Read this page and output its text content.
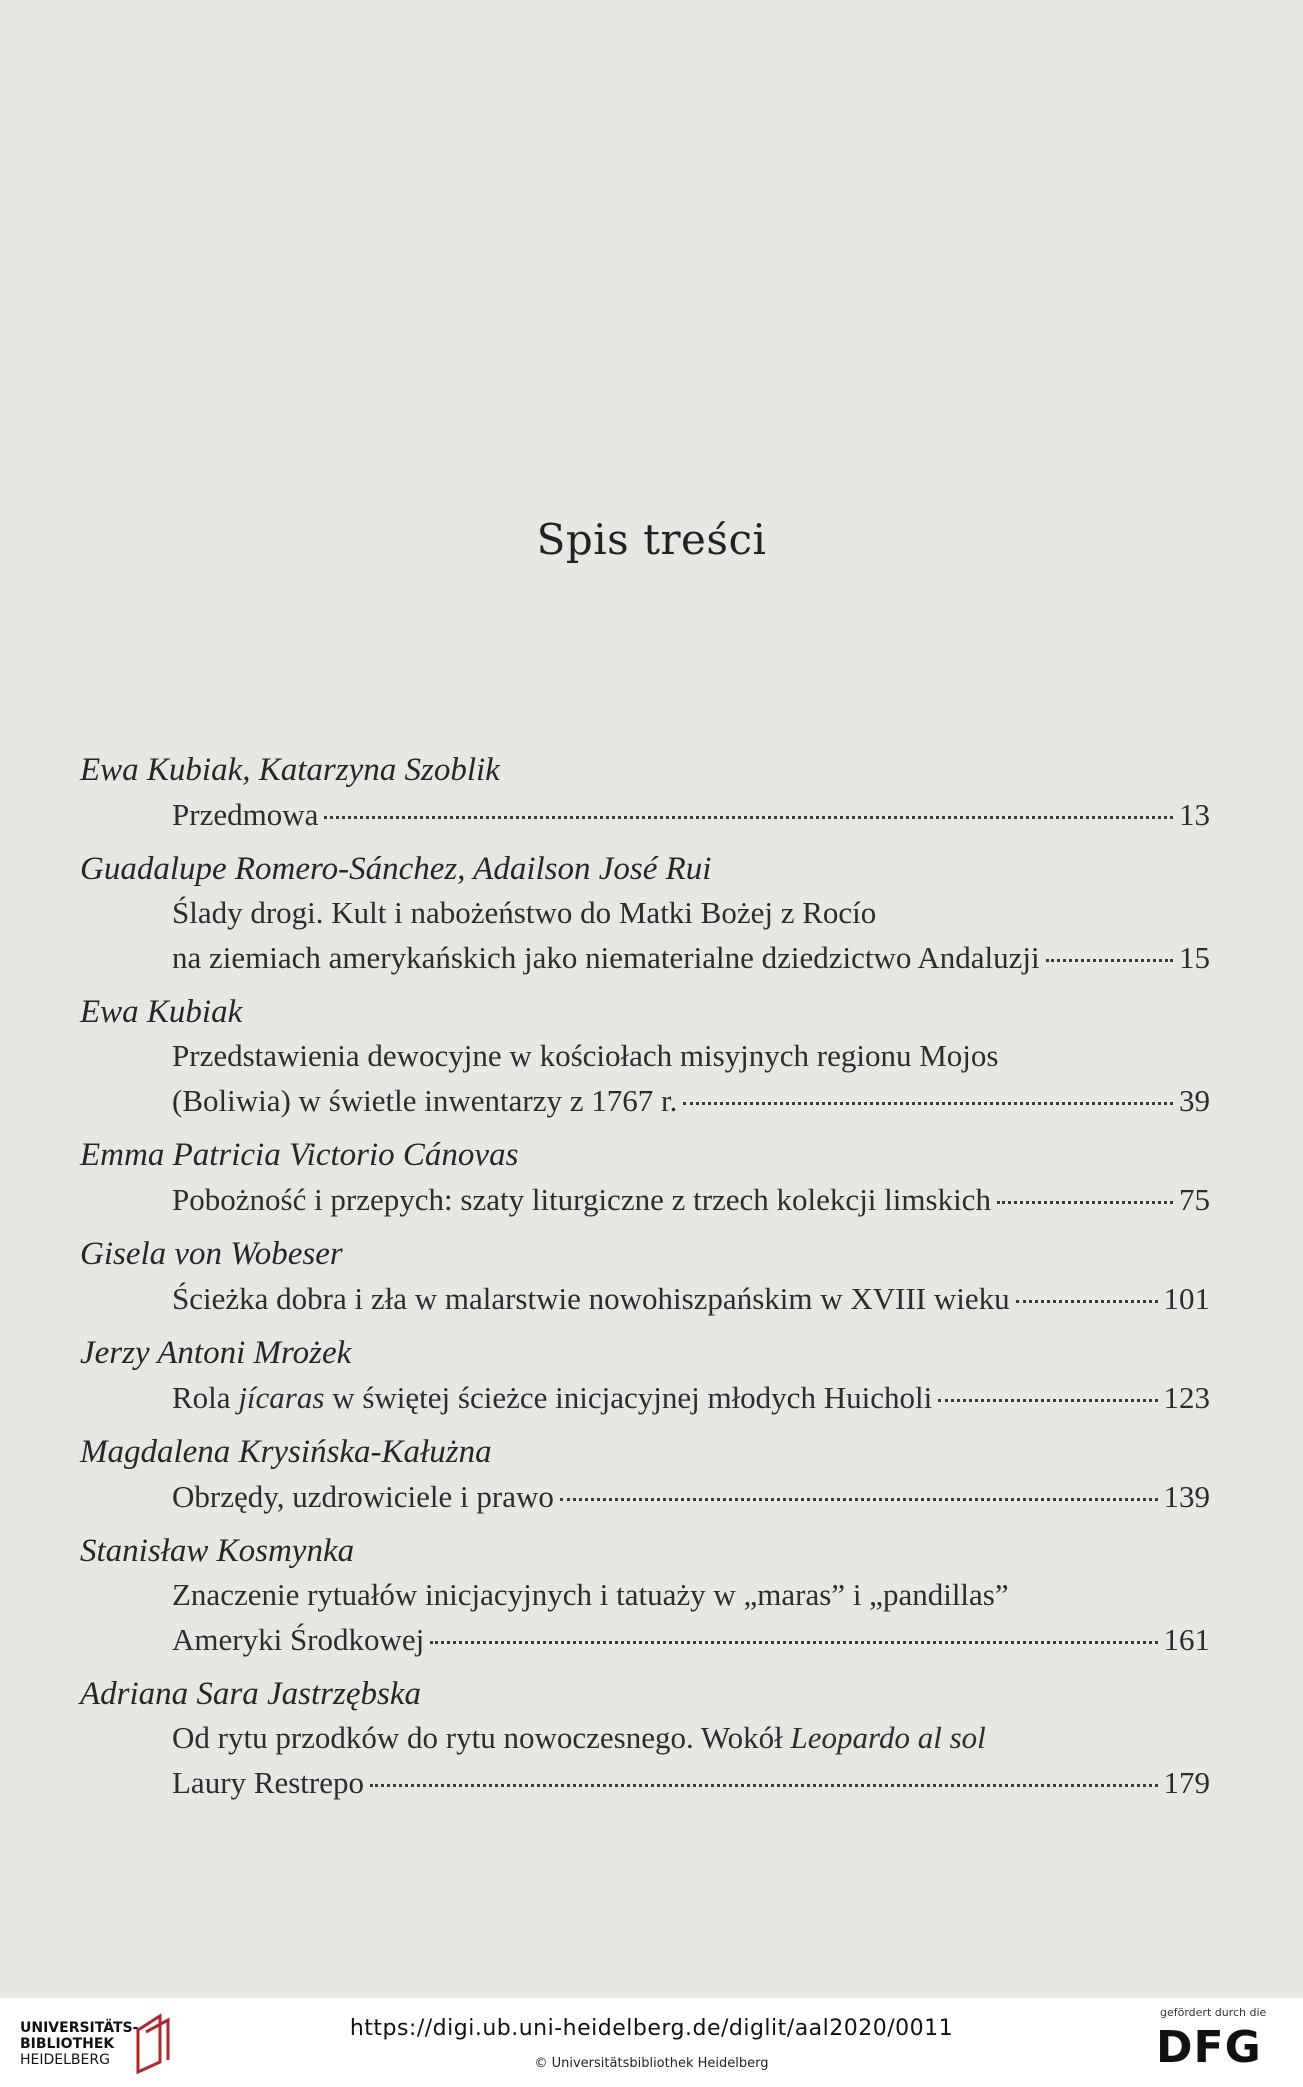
Spis treści
Ewa Kubiak, Katarzyna Szoblik
Przedmowa	13
Guadalupe Romero-Sánchez, Adailson José Rui
Ślady drogi. Kult i nabożeństwo do Matki Bożej z Rocío
na ziemiach amerykańskich jako niematerialne dziedzictwo Andaluzji	15
Ewa Kubiak
Przedstawienia dewocyjne w kościołach misyjnych regionu Mojos
(Boliwia) w świetle inwentarzy z 1767 r.	39
Emma Patricia Victorio Cánovas
Pobożność i przepych: szaty liturgiczne z trzech kolekcji limskich	75
Gisela von Wobeser
Ścieżka dobra i zła w malarstwie nowohiszpańskim w XVIII wieku	101
Jerzy Antoni Mrożek
Rola jícaras w świętej ścieżce inicjacyjnej młodych Huicholi	123
Magdalena Krysińska-Kałużna
Obrzędy, uzdrowiciele i prawo	139
Stanisław Kosmynka
Znaczenie rytuałów inicjacyjnych i tatuaży w „maras” i „pandillas”
Ameryki Środkowej	161
Adriana Sara Jastrzębska
Od rytu przodków do rytu nowoczesnego. Wokół Leopardo al sol
Laury Restrepo	179
UNIVERSITÄTS-
BIBLIOTHEK
HEIDELBERG
https://digi.ub.uni-heidelberg.de/diglit/aal2020/0011
© Universitätsbibliothek Heidelberg
gefördert durch die
DFG
